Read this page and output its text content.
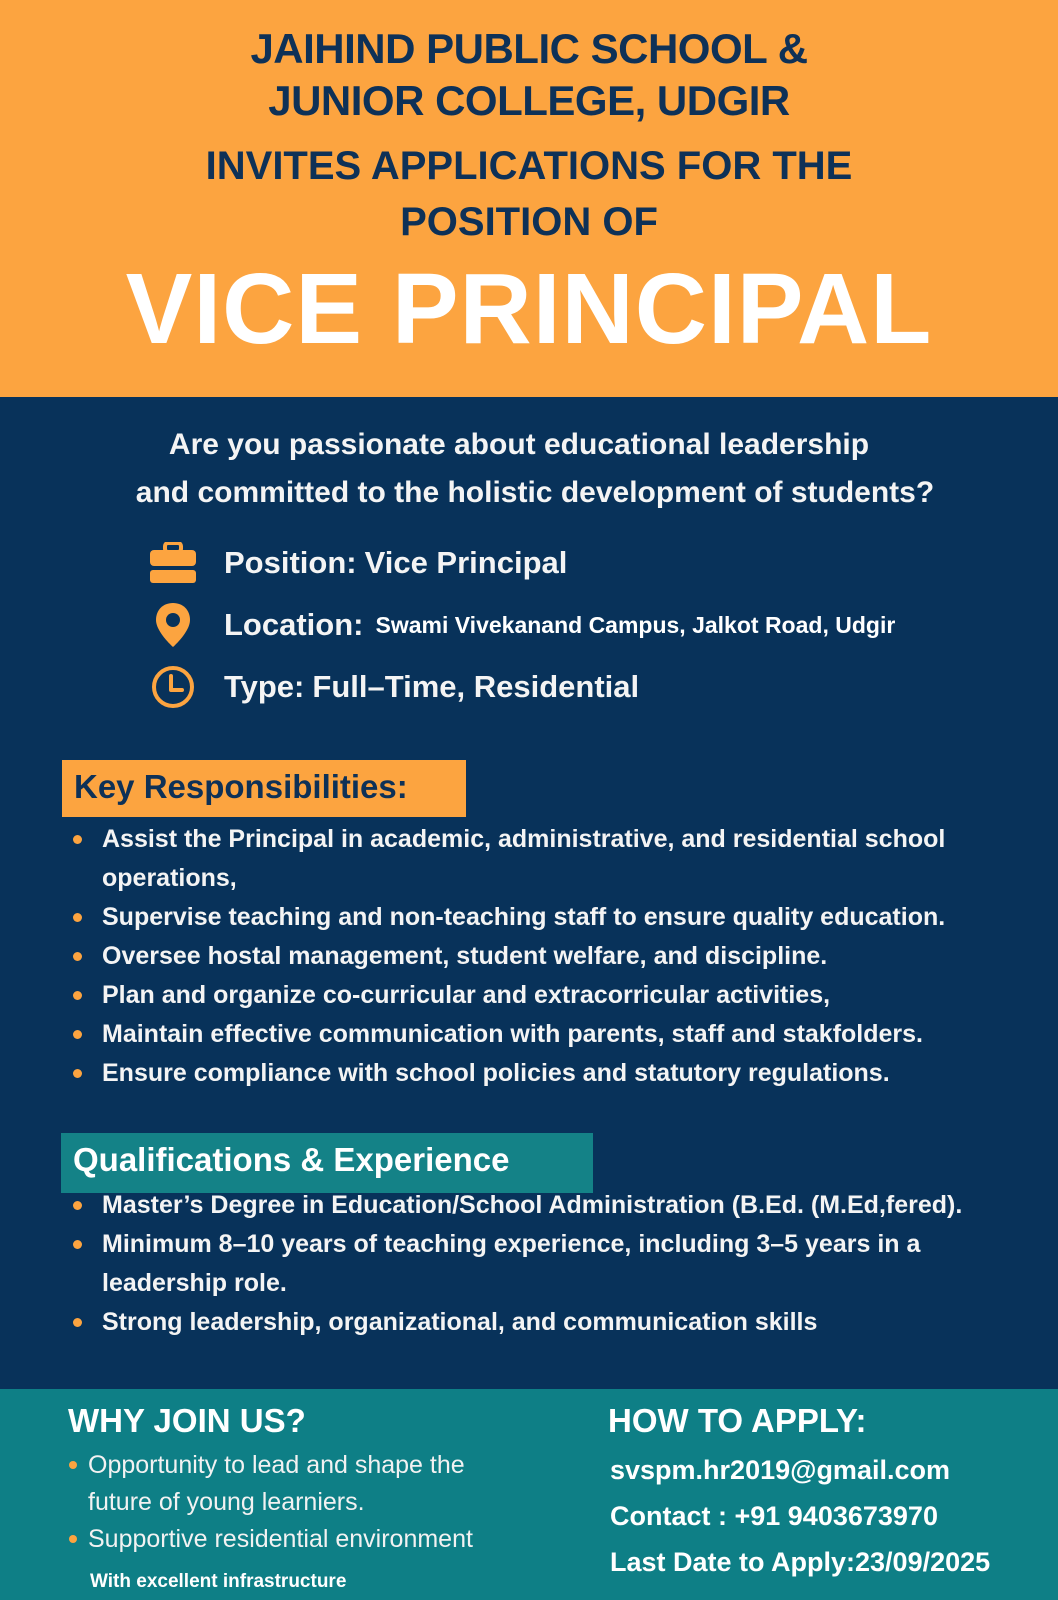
JAIHIND PUBLIC SCHOOL &
JUNIOR COLLEGE, UDGIR
INVITES APPLICATIONS FOR THE
POSITION OF
VICE PRINCIPAL
Are you passionate about educational leadership
and committed to the holistic development of students?
Position: Vice Principal
Location: Swami Vivekanand Campus, Jalkot Road, Udgir
Type: Full–Time, Residential
Key Responsibilities:
Assist the Principal in academic, administrative, and residential school operations,
Supervise teaching and non-teaching staff to ensure quality education.
Oversee hostal management, student welfare, and discipline.
Plan and organize co-curricular and extracorricular activities,
Maintain effective communication with parents, staff and stakfolders.
Ensure compliance with school policies and statutory regulations.
Qualifications & Experience
Master’s Degree in Education/School Administration (B.Ed. (M.Ed,fered).
Minimum 8–10 years of teaching experience, including 3–5 years in a leadership role.
Strong leadership, organizational, and communication skills
WHY JOIN US?
Opportunity to lead and shape the future of young learniers.
Supportive residential environment
With excellent infrastructure
HOW TO APPLY:
svspm.hr2019@gmail.com
Contact : +91 9403673970
Last Date to Apply:23/09/2025
